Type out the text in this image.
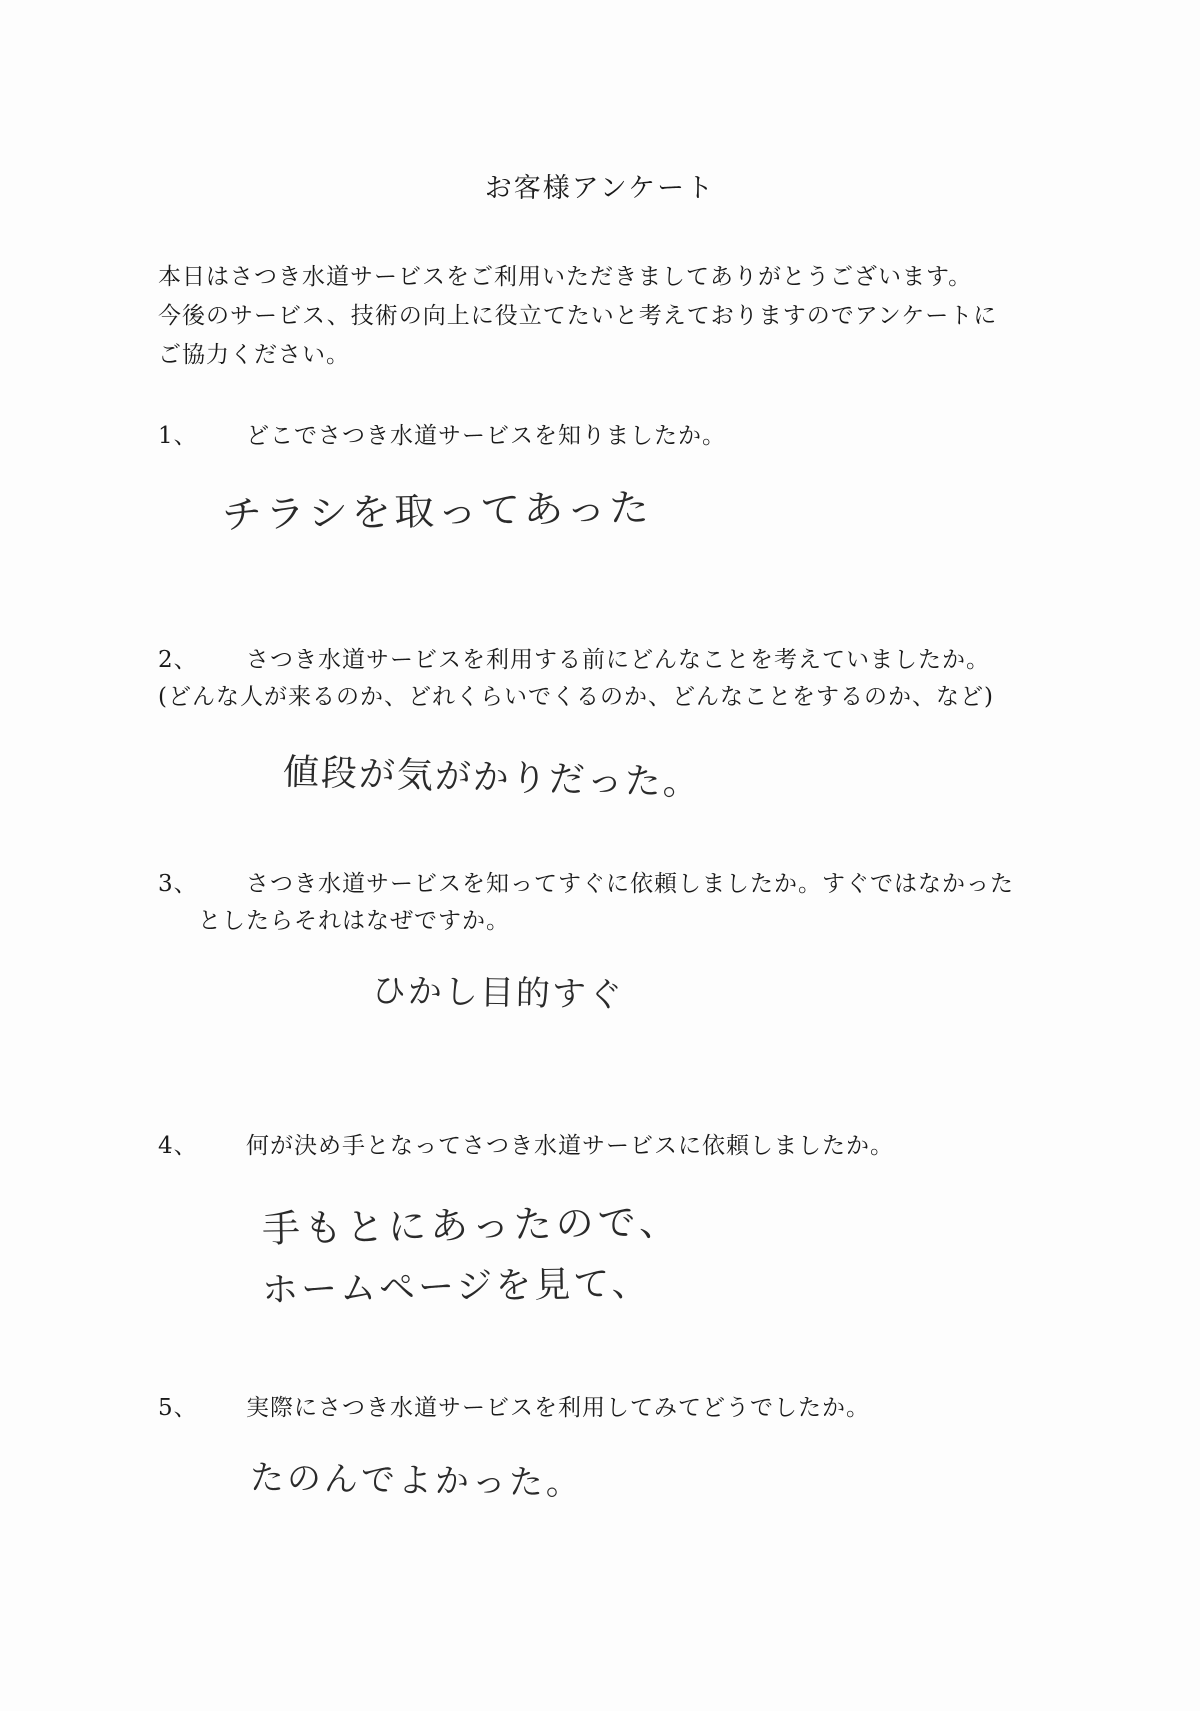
お客様アンケート
本日はさつき水道サービスをご利用いただきましてありがとうございます。
今後のサービス、技術の向上に役立てたいと考えておりますのでアンケートに
ご協力ください。
1、 どこでさつき水道サービスを知りましたか。
チラシを取ってあった
2、 さつき水道サービスを利用する前にどんなことを考えていましたか。
(どんな人が来るのか、どれくらいでくるのか、どんなことをするのか、など)
値段が気がかりだった。
3、 さつき水道サービスを知ってすぐに依頼しましたか。すぐではなかった
としたらそれはなぜですか。
ひかし目的すぐ
4、 何が決め手となってさつき水道サービスに依頼しましたか。
手もとにあったので、
ホームページを見て、
5、 実際にさつき水道サービスを利用してみてどうでしたか。
たのんでよかった。
